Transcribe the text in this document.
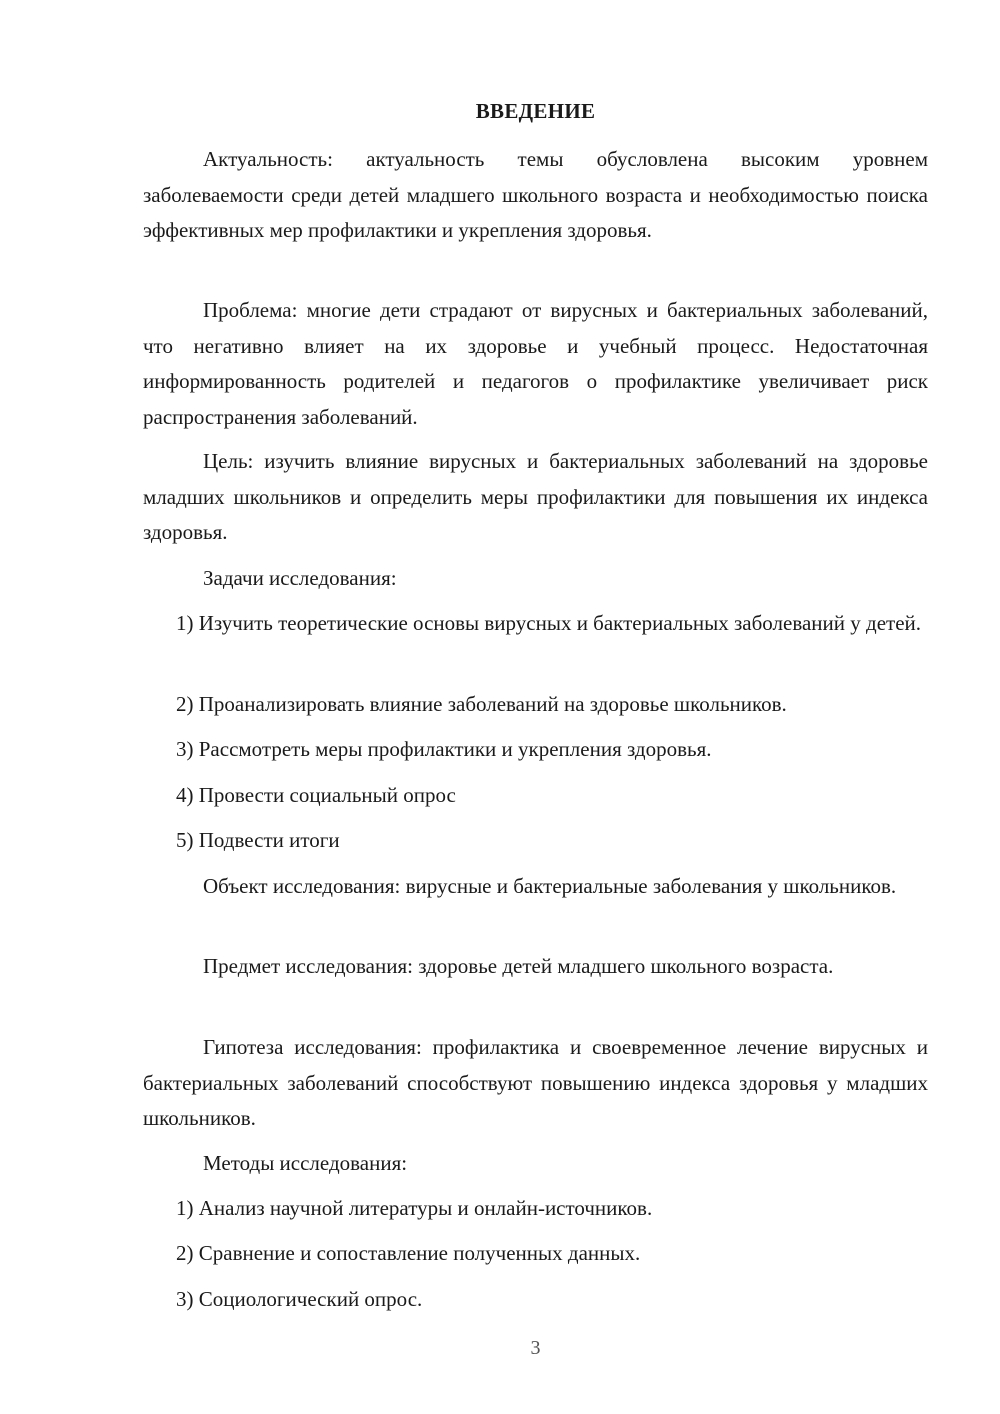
ВВЕДЕНИЕ
Актуальность: актуальность темы обусловлена высоким уровнем заболеваемости среди детей младшего школьного возраста и необходимостью поиска эффективных мер профилактики и укрепления здоровья.
Проблема: многие дети страдают от вирусных и бактериальных заболеваний, что негативно влияет на их здоровье и учебный процесс. Недостаточная информированность родителей и педагогов о профилактике увеличивает риск распространения заболеваний.
Цель: изучить влияние вирусных и бактериальных заболеваний на здоровье младших школьников и определить меры профилактики для повышения их индекса здоровья.
Задачи исследования:
1) Изучить теоретические основы вирусных и бактериальных заболеваний у детей.
2) Проанализировать влияние заболеваний на здоровье школьников.
3) Рассмотреть меры профилактики и укрепления здоровья.
4) Провести социальный опрос
5) Подвести итоги
Объект исследования: вирусные и бактериальные заболевания у школьников.
Предмет исследования: здоровье детей младшего школьного возраста.
Гипотеза исследования: профилактика и своевременное лечение вирусных и бактериальных заболеваний способствуют повышению индекса здоровья у младших школьников.
Методы исследования:
1) Анализ научной литературы и онлайн-источников.
2) Сравнение и сопоставление полученных данных.
3) Социологический опрос.
3
